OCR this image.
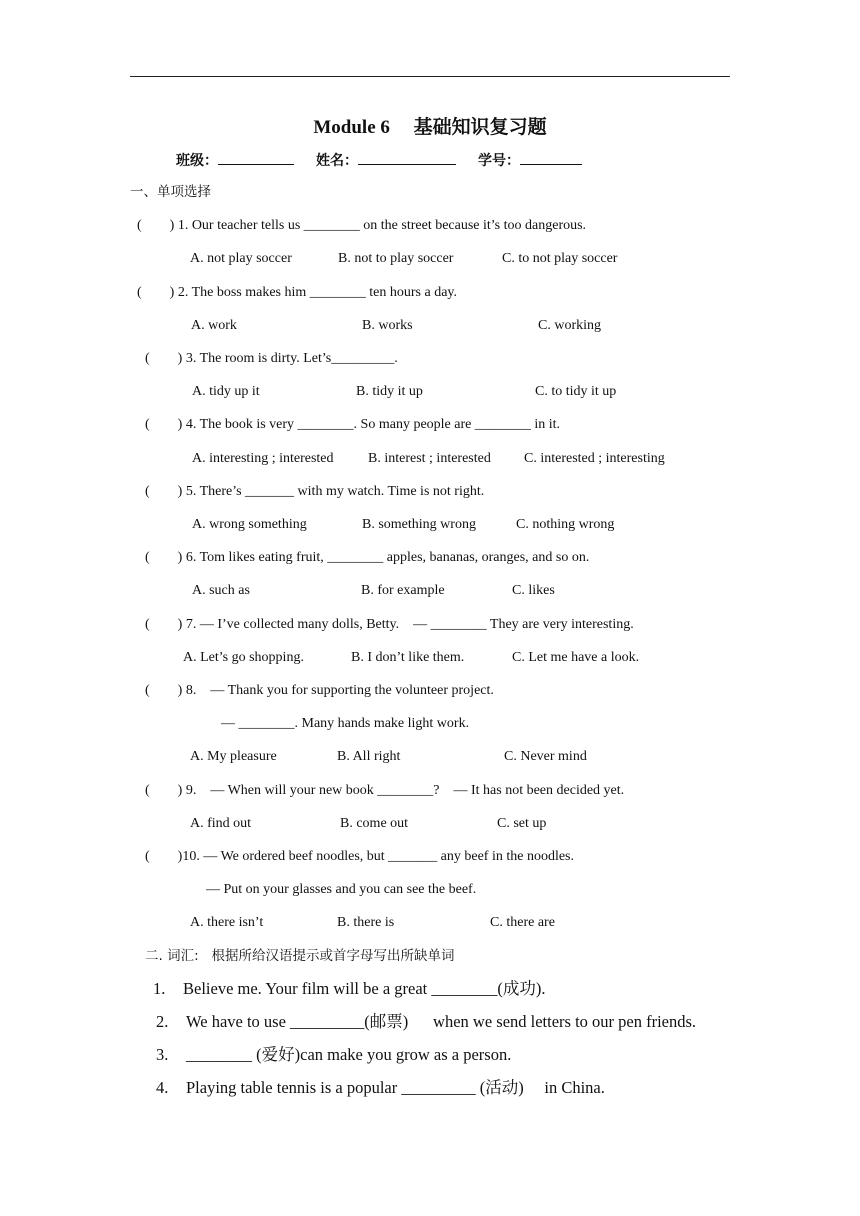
Module 6     基础知识复习题
班级：	姓名：	学号：
一、单项选择
(        ) 1. Our teacher tells us ________ on the street because it’s too dangerous.
A. not play soccer	B. not to play soccer	C. to not play soccer
(        ) 2. The boss makes him ________ ten hours a day.
A. work	B. works	C. working
(        ) 3. The room is dirty. Let’s_________.
A. tidy up it	B. tidy it up	C. to tidy it up
(        ) 4. The book is very ________. So many people are ________ in it.
A. interesting ; interested B. interest ; interested C. interested ; interesting
(        ) 5. There’s _______ with my watch. Time is not right.
A. wrong something	B. something wrong	C. nothing wrong
(        ) 6. Tom likes eating fruit, ________ apples, bananas, oranges, and so on.
A. such as	B. for example	C. likes
(        ) 7. — I’ve collected many dolls, Betty.    — ________ They are very interesting.
A. Let’s go shopping.	B. I don’t like them.	C. Let me have a look.
(        ) 8.    — Thank you for supporting the volunteer project.
— ________. Many hands make light work.
A. My pleasure	B. All right	C. Never mind
(        ) 9.    — When will your new book ________?    — It has not been decided yet.
A. find out	B. come out	C. set up
(        )10. — We ordered beef noodles, but _______ any beef in the noodles.
— Put on your glasses and you can see the beef.
A. there isn’t	B. there is	C. there are
二. 词汇:   根据所给汉语提示或首字母写出所缺单词
1. Believe me. Your film will be a great ________(成功).
2. We have to use _________(邮票)      when we send letters to our pen friends.
3. ________ (爱好)can make you grow as a person.
4. Playing table tennis is a popular _________ (活动)     in China.
